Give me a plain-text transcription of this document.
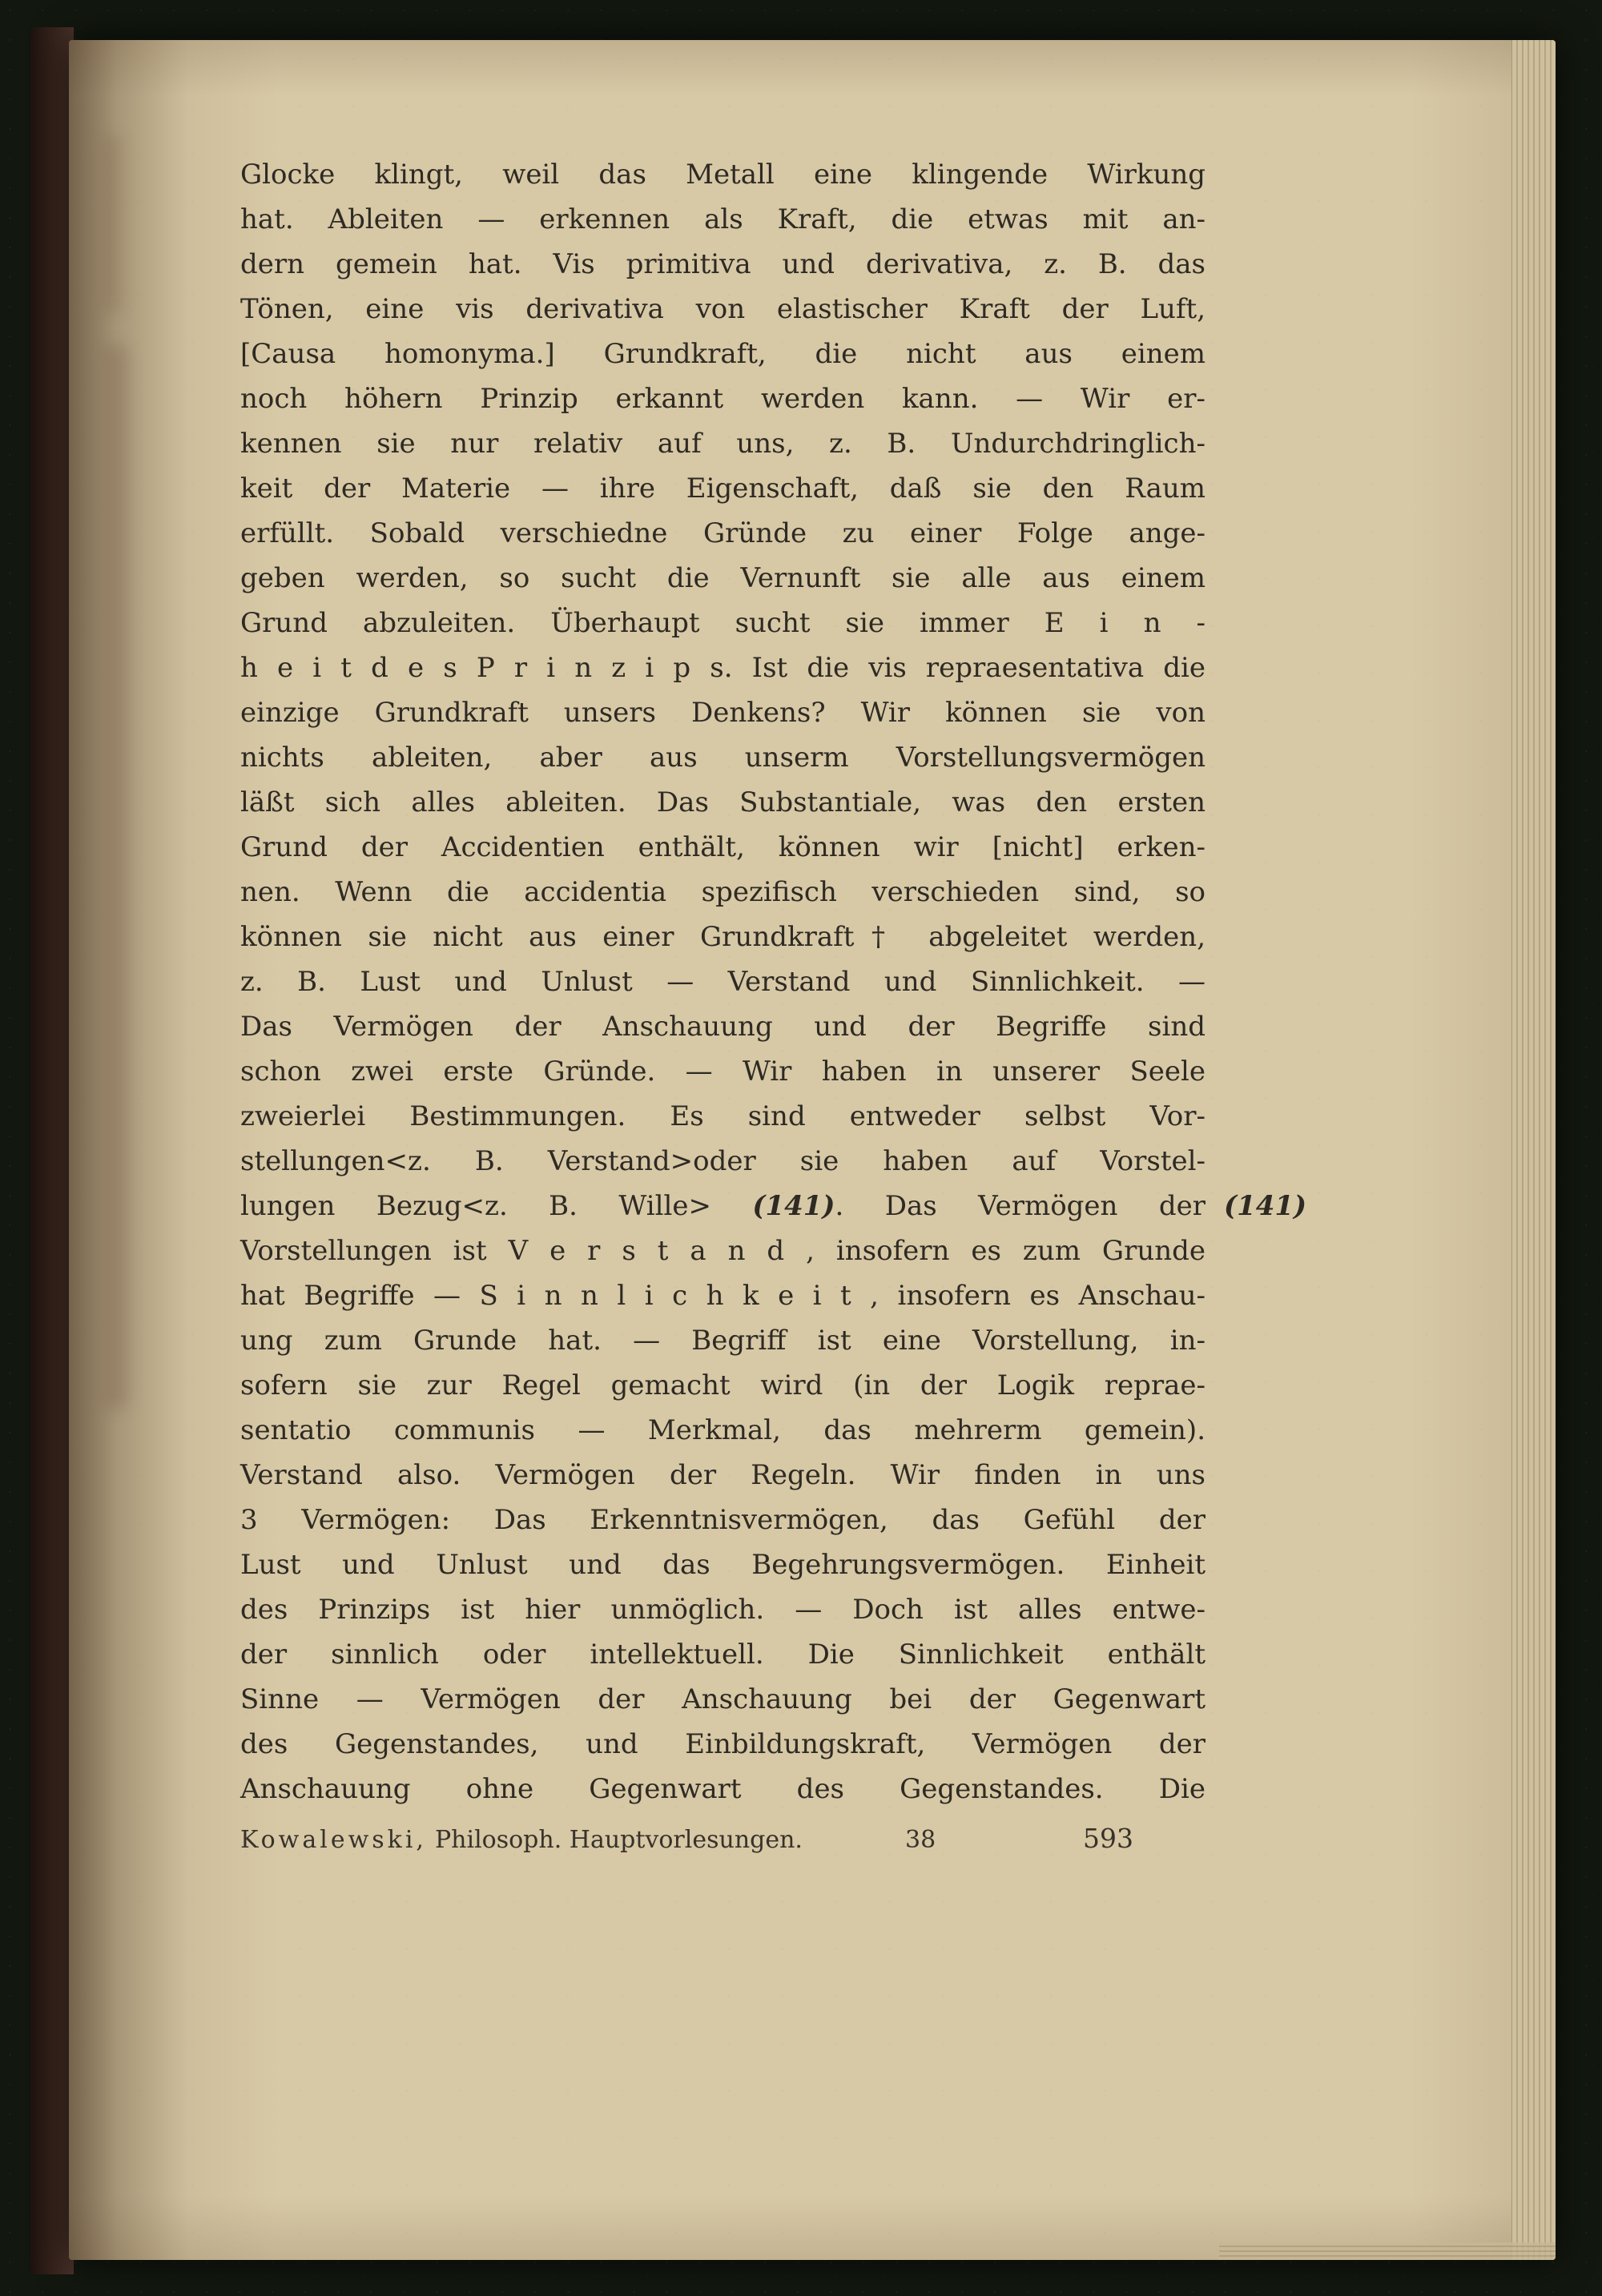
Glocke klingt, weil das Metall eine klingende Wirkung
hat. Ableiten — erkennen als Kraft, die etwas mit an-
dern gemein hat. Vis primitiva und derivativa, z. B. das
Tönen, eine vis derivativa von elastischer Kraft der Luft,
[Causa homonyma.] Grundkraft, die nicht aus einem
noch höhern Prinzip erkannt werden kann. — Wir er-
kennen sie nur relativ auf uns, z. B. Undurchdringlich-
keit der Materie — ihre Eigenschaft, daß sie den Raum
erfüllt. Sobald verschiedne Gründe zu einer Folge ange-
geben werden, so sucht die Vernunft sie alle aus einem
Grund abzuleiten. Überhaupt sucht sie immer E i n -
h e i t d e s P r i n z i p s. Ist die vis repraesentativa die
einzige Grundkraft unsers Denkens? Wir können sie von
nichts ableiten, aber aus unserm Vorstellungsvermögen
läßt sich alles ableiten. Das Substantiale, was den ersten
Grund der Accidentien enthält, können wir [nicht] erken-
nen. Wenn die accidentia spezifisch verschieden sind, so
können sie nicht aus einer Grundkraft† abgeleitet werden,
z. B. Lust und Unlust — Verstand und Sinnlichkeit. —
Das Vermögen der Anschauung und der Begriffe sind
schon zwei erste Gründe. — Wir haben in unserer Seele
zweierlei Bestimmungen. Es sind entweder selbst Vor-
stellungen<z. B. Verstand>oder sie haben auf Vorstel-
lungen Bezug<z. B. Wille> (141). Das Vermögen der (141)
Vorstellungen ist V e r s t a n d , insofern es zum Grunde
hat Begriffe — S i n n l i c h k e i t , insofern es Anschau-
ung zum Grunde hat. — Begriff ist eine Vorstellung, in-
sofern sie zur Regel gemacht wird (in der Logik reprae-
sentatio communis — Merkmal, das mehrerm gemein).
Verstand also. Vermögen der Regeln. Wir finden in uns
3 Vermögen: Das Erkenntnisvermögen, das Gefühl der
Lust und Unlust und das Begehrungsvermögen. Einheit
des Prinzips ist hier unmöglich. — Doch ist alles entwe-
der sinnlich oder intellektuell. Die Sinnlichkeit enthält
Sinne — Vermögen der Anschauung bei der Gegenwart
des Gegenstandes, und Einbildungskraft, Vermögen der
Anschauung ohne Gegenwart des Gegenstandes. Die
Kowalewski, Philosoph. Hauptvorlesungen.	38	593
